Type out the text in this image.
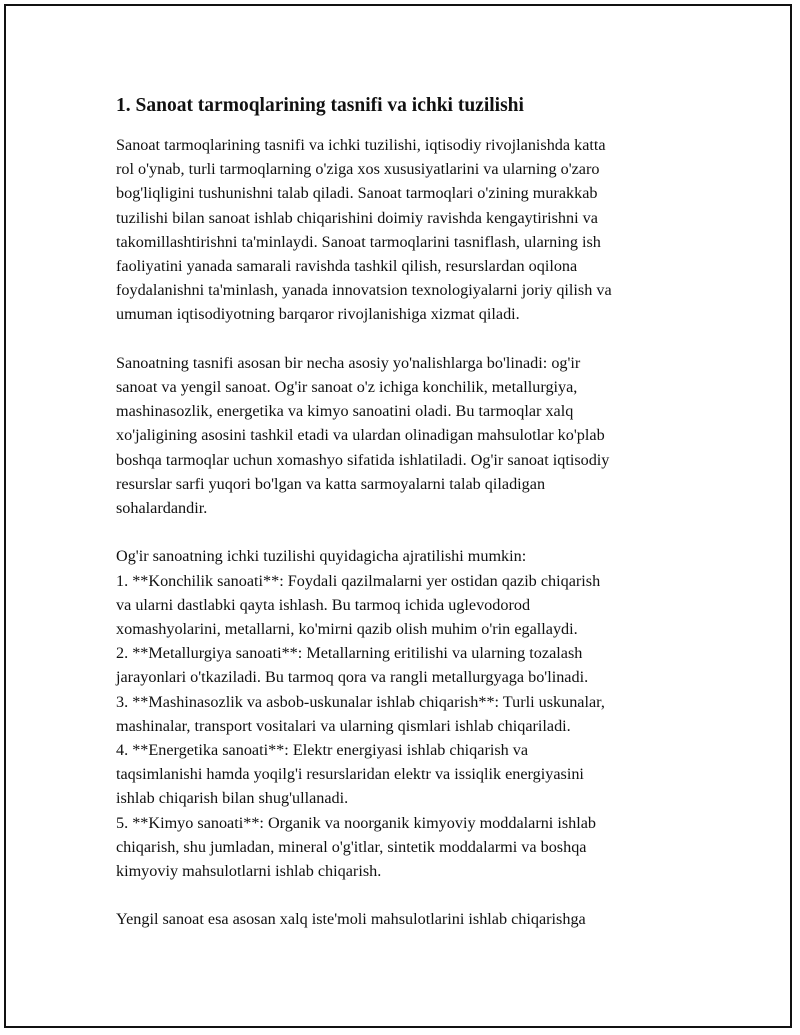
1. Sanoat tarmoqlarining tasnifi va ichki tuzilishi
Sanoat tarmoqlarining tasnifi va ichki tuzilishi, iqtisodiy rivojlanishda katta
rol o'ynab, turli tarmoqlarning o'ziga xos xususiyatlarini va ularning o'zaro
bog'liqligini tushunishni talab qiladi. Sanoat tarmoqlari o'zining murakkab
tuzilishi bilan sanoat ishlab chiqarishini doimiy ravishda kengaytirishni va
takomillashtirishni ta'minlaydi. Sanoat tarmoqlarini tasniflash, ularning ish
faoliyatini yanada samarali ravishda tashkil qilish, resurslardan oqilona
foydalanishni ta'minlash, yanada innovatsion texnologiyalarni joriy qilish va
umuman iqtisodiyotning barqaror rivojlanishiga xizmat qiladi.
Sanoatning tasnifi asosan bir necha asosiy yo'nalishlarga bo'linadi: og'ir
sanoat va yengil sanoat. Og'ir sanoat o'z ichiga konchilik, metallurgiya,
mashinasozlik, energetika va kimyo sanoatini oladi. Bu tarmoqlar xalq
xo'jaligining asosini tashkil etadi va ulardan olinadigan mahsulotlar ko'plab
boshqa tarmoqlar uchun xomashyo sifatida ishlatiladi. Og'ir sanoat iqtisodiy
resurslar sarfi yuqori bo'lgan va katta sarmoyalarni talab qiladigan
sohalardandir.
Og'ir sanoatning ichki tuzilishi quyidagicha ajratilishi mumkin:
1. **Konchilik sanoati**: Foydali qazilmalarni yer ostidan qazib chiqarish
va ularni dastlabki qayta ishlash. Bu tarmoq ichida uglevodorod
xomashyolarini, metallarni, ko'mirni qazib olish muhim o'rin egallaydi.
2. **Metallurgiya sanoati**: Metallarning eritilishi va ularning tozalash
jarayonlari o'tkaziladi. Bu tarmoq qora va rangli metallurgyaga bo'linadi.
3. **Mashinasozlik va asbob-uskunalar ishlab chiqarish**: Turli uskunalar,
mashinalar, transport vositalari va ularning qismlari ishlab chiqariladi.
4. **Energetika sanoati**: Elektr energiyasi ishlab chiqarish va
taqsimlanishi hamda yoqilg'i resurslaridan elektr va issiqlik energiyasini
ishlab chiqarish bilan shug'ullanadi.
5. **Kimyo sanoati**: Organik va noorganik kimyoviy moddalarni ishlab
chiqarish, shu jumladan, mineral o'g'itlar, sintetik moddalarmi va boshqa
kimyoviy mahsulotlarni ishlab chiqarish.
Yengil sanoat esa asosan xalq iste'moli mahsulotlarini ishlab chiqarishga
